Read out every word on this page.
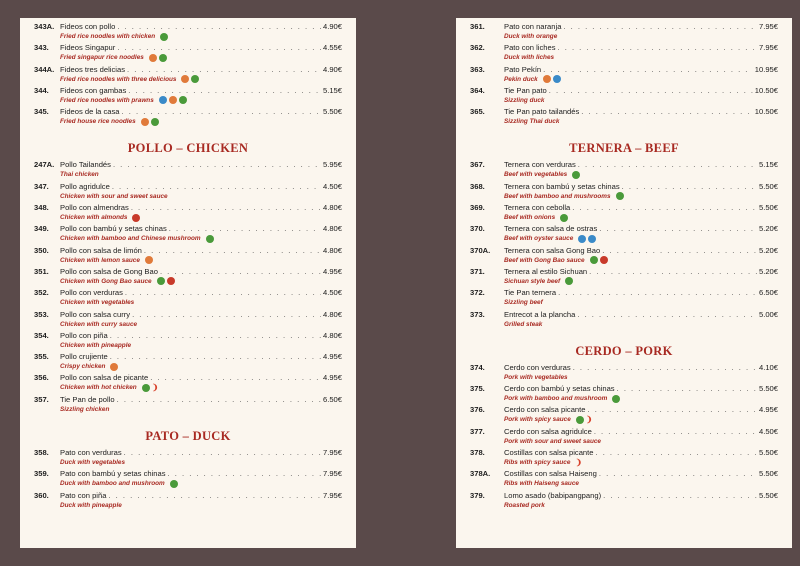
343A. Fideos con pollo . . .	4.90€
Fried rice noodles with chicken
343.	Fideos Singapur . . .	4.55€
Fried singapur rice noodles
344A. Fideos tres delicias . . .	4.90€
Fried rice noodles with three delicious
344.	Fideos con gambas . . .	5.15€
Fried rice noodles with prawns
345.	Fideos de la casa . . .	5.50€
Fried house rice noodles
POLLO – CHICKEN
247A. Pollo Tailandés . . .	5.95€
Thai chicken
347.	Pollo agridulce . . .	4.50€
Chicken with sour and sweet sauce
348.	Pollo con almendras . . .	4.80€
Chicken with almonds
349.	Pollo con bambú y setas chinas . . .	4.80€
Chicken with bamboo and Chinese mushroom
350.	Pollo con salsa de limón . . .	4.80€
Chicken with lemon sauce
351.	Pollo con salsa de Gong Bao . . .	4.95€
Chicken with Gong Bao sauce
352.	Pollo con verduras . . .	4.50€
Chicken with vegetables
353.	Pollo con salsa curry . . .	4.80€
Chicken with curry sauce
354.	Pollo con piña . . .	4.80€
Chicken with pineapple
355.	Pollo crujiente . . .	4.95€
Crispy chicken
356.	Pollo con salsa de picante . . .	4.95€
Chicken with hot chicken ❩
357.	Tie Pan de pollo . . .	6.50€
Sizzling chicken
PATO – DUCK
358.	Pato con verduras . . .	7.95€
Duck with vegetables
359.	Pato con bambú y setas chinas . . .	7.95€
Duck with bamboo and mushroom
360.	Pato con piña . . .	7.95€
Duck with pineapple
361.	Pato con naranja . . .	7.95€
Duck with orange
362.	Pato con liches . . .	7.95€
Duck with liches
363.	Pato Pekín . . .	10.95€
Pekin duck
364.	Tie Pan pato . . .	10.50€
Sizzling duck
365.	Tie Pan pato tailandés . . .	10.50€
Sizzling Thai duck
TERNERA – BEEF
367.	Ternera con verduras . . .	5.15€
Beef with vegetables
368.	Ternera con bambú y setas chinas . . .	5.50€
Beef with bamboo and mushrooms
369.	Ternera con cebolla . . .	5.50€
Beef with onions
370.	Ternera con salsa de ostras . . .	5.20€
Beef with oyster sauce
370A.	Ternera con salsa Gong Bao . . .	5.20€
Beef with Gong Bao sauce
371.	Ternera al estilo Sichuan . . .	5.20€
Sichuan style beef
372.	Tie Pan ternera . . .	6.50€
Sizzling beef
373.	Entrecot a la plancha . . .	5.00€
Grilled steak
CERDO – PORK
374.	Cerdo con verduras . . .	4.10€
Pork with vegetables
375.	Cerdo con bambú y setas chinas . . .	5.50€
Pork with bamboo and mushroom
376.	Cerdo con salsa picante . . .	4.95€
Pork with spicy sauce ❩
377.	Cerdo con salsa agridulce . . .	4.50€
Pork with sour and sweet sauce
378.	Costillas con salsa picante . . .	5.50€
Ribs with spicy sauce ❩
378A.	Costillas con salsa Haiseng . . .	5.50€
Ribs with Haiseng sauce
379.	Lomo asado (babipangpang) . . .	5.50€
Roasted pork
